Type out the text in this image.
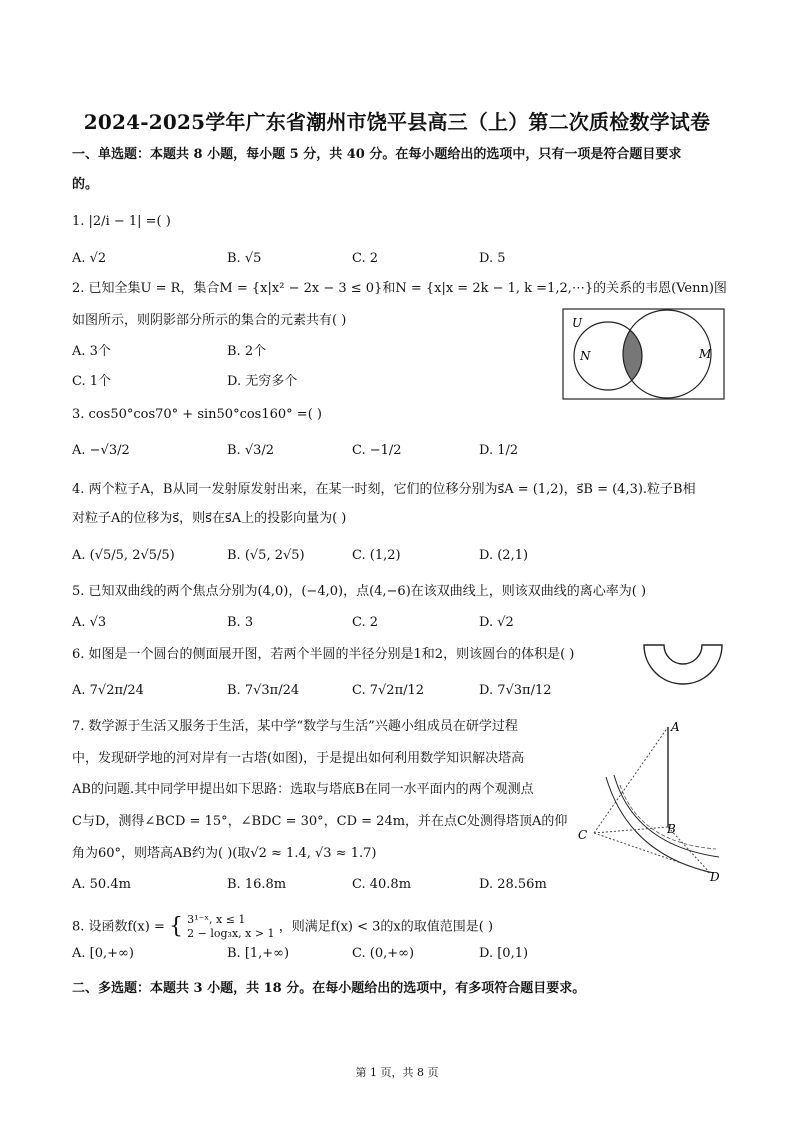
2024-2025学年广东省潮州市饶平县高三（上）第二次质检数学试卷
一、单选题：本题共 8 小题，每小题 5 分，共 40 分。在每小题给出的选项中，只有一项是符合题目要求
的。
1. |2/i − 1| =( )
A. √2	B. √5	C. 2	D. 5
2. 已知全集U = R，集合M = {x|x² − 2x − 3 ≤ 0}和N = {x|x = 2k − 1, k =1,2,⋯}的关系的韦恩(Venn)图
如图所示，则阴影部分所示的集合的元素共有( )
A. 3个	B. 2个
C. 1个	D. 无穷多个
U
N	M
3. cos50°cos70° + sin50°cos160° =( )
A. −√3/2	B. √3/2	C. −1/2	D. 1/2
4. 两个粒子A，B从同一发射原发射出来，在某一时刻，它们的位移分别为s⃗A = (1,2)，s⃗B = (4,3).粒子B相
对粒子A的位移为s⃗，则s⃗在s⃗A上的投影向量为( )
A. (√5/5, 2√5/5)	B. (√5, 2√5)	C. (1,2)	D. (2,1)
5. 已知双曲线的两个焦点分别为(4,0)，(−4,0)，点(4,−6)在该双曲线上，则该双曲线的离心率为( )
A. √3	B. 3	C. 2	D. √2
6. 如图是一个圆台的侧面展开图，若两个半圆的半径分别是1和2，则该圆台的体积是( )
A. 7√2π/24	B. 7√3π/24	C. 7√2π/12	D. 7√3π/12
7. 数学源于生活又服务于生活，某中学“数学与生活”兴趣小组成员在研学过程
中，发现研学地的河对岸有一古塔(如图)，于是提出如何利用数学知识解决塔高
AB的问题.其中同学甲提出如下思路：选取与塔底B在同一水平面内的两个观测点
C与D，测得∠BCD = 15°，∠BDC = 30°，CD = 24m，并在点C处测得塔顶A的仰
角为60°，则塔高AB约为( )(取√2 ≈ 1.4, √3 ≈ 1.7)
A. 50.4m	B. 16.8m	C. 40.8m	D. 28.56m
A
B
C
D
8. 设函数f(x) = { 3¹⁻ˣ, x ≤ 1
2 − log₃x, x > 1 ，则满足f(x) < 3的x的取值范围是( )
A. [0,+∞)	B. [1,+∞)	C. (0,+∞)	D. [0,1)
二、多选题：本题共 3 小题，共 18 分。在每小题给出的选项中，有多项符合题目要求。
第 1 页，共 8 页
